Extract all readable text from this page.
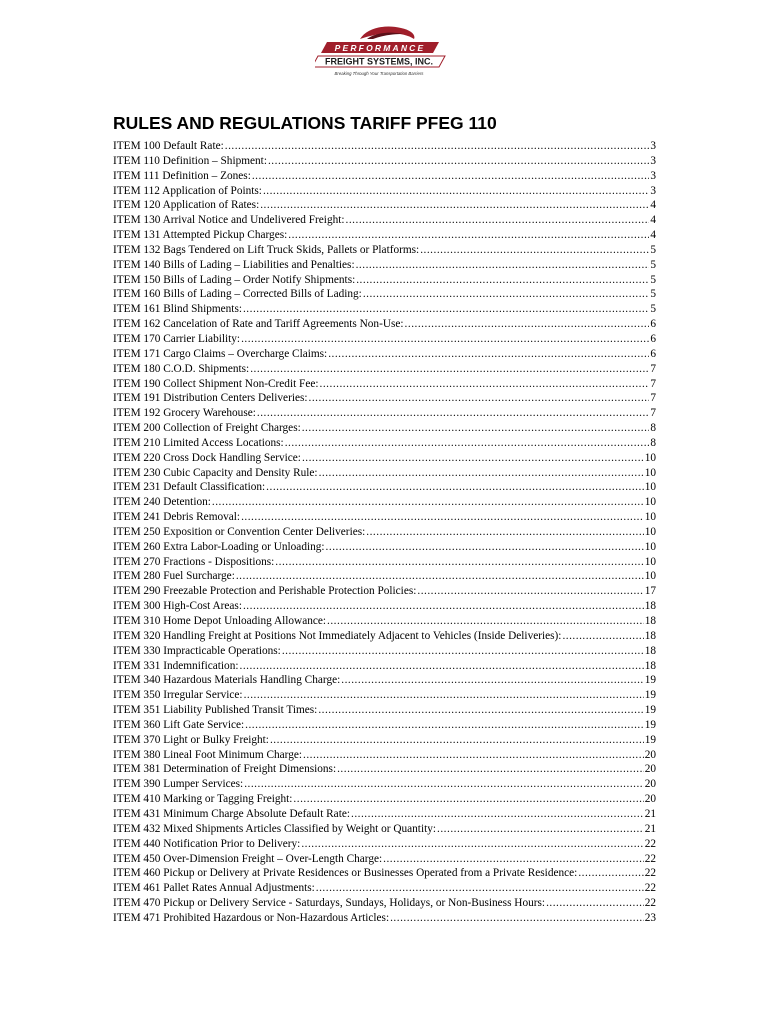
PERFORMANCE
FREIGHT SYSTEMS, INC.
Breaking Through Your Transportation Barriers
RULES AND REGULATIONS TARIFF PFEG 110
ITEM 100 Default Rate: .....	3
ITEM 110 Definition – Shipment: .....	3
ITEM 111 Definition – Zones: .....	3
ITEM 112 Application of Points: .....	3
ITEM 120 Application of Rates: .....	4
ITEM 130 Arrival Notice and Undelivered Freight: .....	4
ITEM 131 Attempted Pickup Charges: .....	4
ITEM 132 Bags Tendered on Lift Truck Skids, Pallets or Platforms: .....	5
ITEM 140 Bills of Lading – Liabilities and Penalties: .....	5
ITEM 150 Bills of Lading – Order Notify Shipments: .....	5
ITEM 160 Bills of Lading – Corrected Bills of Lading: .....	5
ITEM 161 Blind Shipments: .....	5
ITEM 162 Cancelation of Rate and Tariff Agreements Non-Use: .....	6
ITEM 170 Carrier Liability: .....	6
ITEM 171 Cargo Claims – Overcharge Claims: .....	6
ITEM 180 C.O.D. Shipments: .....	7
ITEM 190 Collect Shipment Non-Credit Fee: .....	7
ITEM 191 Distribution Centers Deliveries: .....	7
ITEM 192 Grocery Warehouse: .....	7
ITEM 200 Collection of Freight Charges: .....	8
ITEM 210 Limited Access Locations: .....	8
ITEM 220 Cross Dock Handling Service: .....	10
ITEM 230 Cubic Capacity and Density Rule: .....	10
ITEM 231 Default Classification: .....	10
ITEM 240 Detention: .....	10
ITEM 241 Debris Removal: .....	10
ITEM 250 Exposition or Convention Center Deliveries: .....	10
ITEM 260 Extra Labor-Loading or Unloading: .....	10
ITEM 270 Fractions - Dispositions: .....	10
ITEM 280 Fuel Surcharge: .....	10
ITEM 290 Freezable Protection and Perishable Protection Policies: .....	17
ITEM 300 High-Cost Areas: .....	18
ITEM 310 Home Depot Unloading Allowance: .....	18
ITEM 320 Handling Freight at Positions Not Immediately Adjacent to Vehicles (Inside Deliveries): .....	18
ITEM 330 Impracticable Operations: .....	18
ITEM 331 Indemnification: .....	18
ITEM 340 Hazardous Materials Handling Charge: .....	19
ITEM 350 Irregular Service: .....	19
ITEM 351 Liability Published Transit Times: .....	19
ITEM 360 Lift Gate Service: .....	19
ITEM 370 Light or Bulky Freight: .....	19
ITEM 380 Lineal Foot Minimum Charge: .....	20
ITEM 381 Determination of Freight Dimensions: .....	20
ITEM 390 Lumper Services: .....	20
ITEM 410 Marking or Tagging Freight: .....	20
ITEM 431 Minimum Charge Absolute Default Rate: .....	21
ITEM 432 Mixed Shipments Articles Classified by Weight or Quantity: .....	21
ITEM 440 Notification Prior to Delivery: .....	22
ITEM 450 Over-Dimension Freight – Over-Length Charge: .....	22
ITEM 460 Pickup or Delivery at Private Residences or Businesses Operated from a Private Residence: .....	22
ITEM 461 Pallet Rates Annual Adjustments: .....	22
ITEM 470 Pickup or Delivery Service - Saturdays, Sundays, Holidays, or Non-Business Hours: .....	22
ITEM 471 Prohibited Hazardous or Non-Hazardous Articles: .....	23
